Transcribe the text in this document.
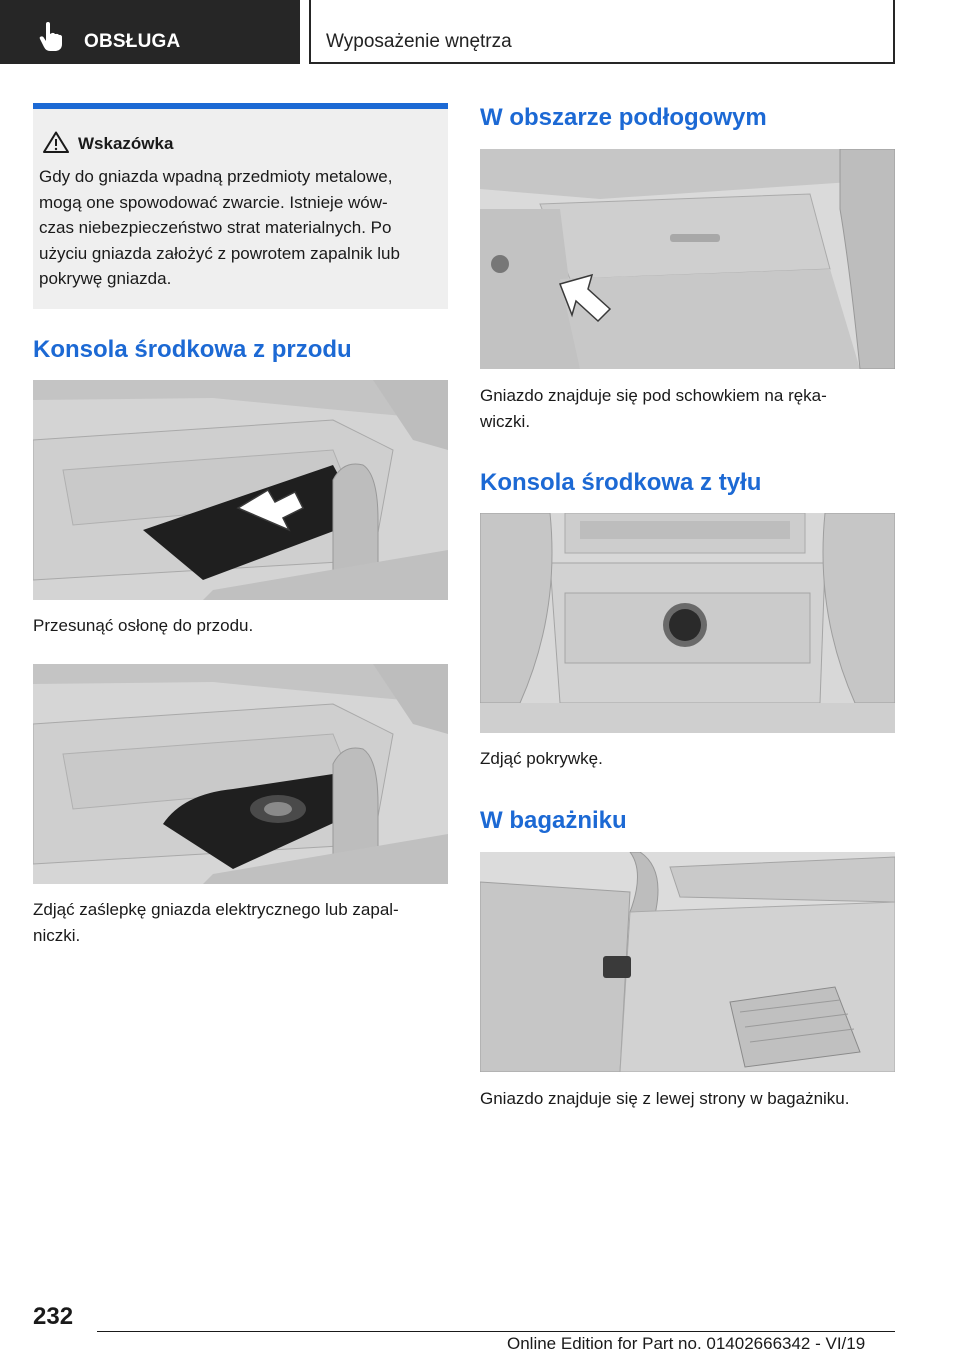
OBSŁUGA	Wyposażenie wnętrza
Wskazówka

Gdy do gniazda wpadną przedmioty metalowe,
mogą one spowodować zwarcie. Istnieje wów-
czas niebezpieczeństwo strat materialnych. Po
użyciu gniazda założyć z powrotem zapalnik lub
pokrywę gniazda.

Konsola środkowa z przodu

Przesunąć osłonę do przodu.

Zdjąć zaślepkę gniazda elektrycznego lub zapal-
niczki.

W obszarze podłogowym

Gniazdo znajduje się pod schowkiem na ręka-
wiczki.

Konsola środkowa z tyłu

Zdjąć pokrywkę.

W bagażniku

Gniazdo znajduje się z lewej strony w bagażniku.

232
Online Edition for Part no. 01402666342 - VI/19
